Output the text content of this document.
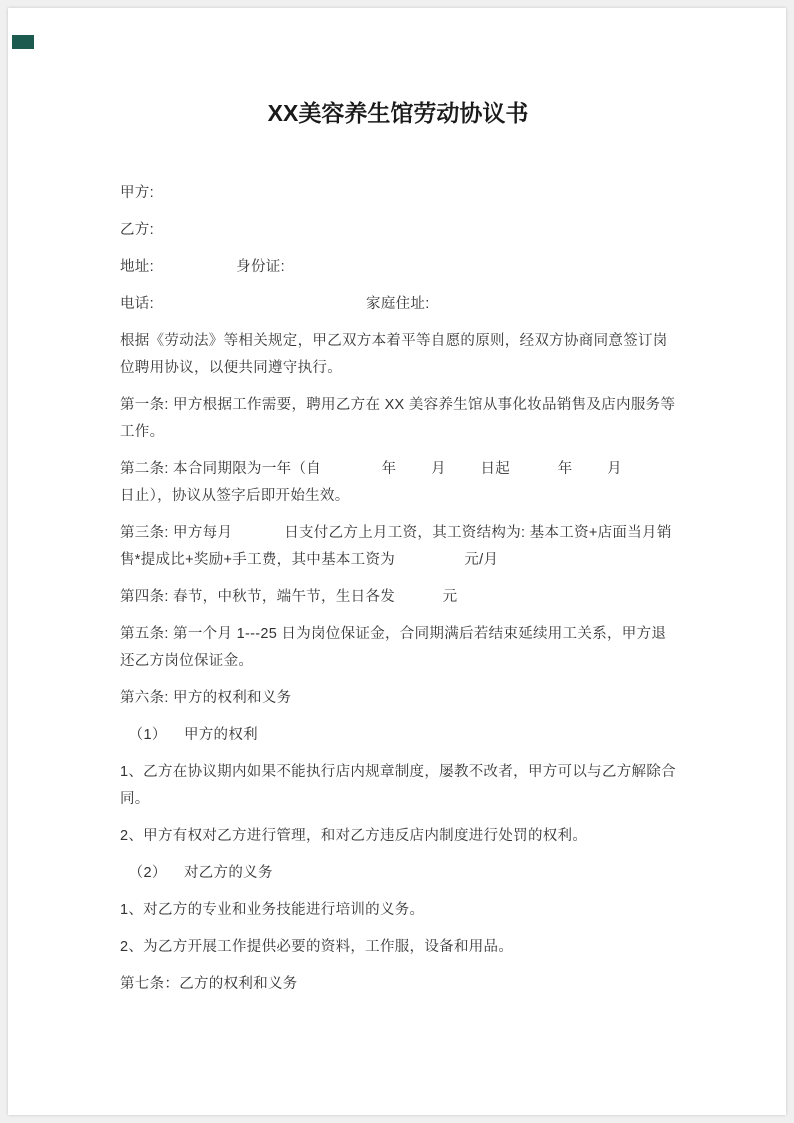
XX美容养生馆劳动协议书

甲方:

乙方:

地址:                   身份证:

电话:                                                 家庭住址:

根据《劳动法》等相关规定，甲乙双方本着平等自愿的原则，经双方协商同意签订岗位聘用协议，以便共同遵守执行。

第一条: 甲方根据工作需要，聘用乙方在 XX 美容养生馆从事化妆品销售及店内服务等工作。

第二条: 本合同期限为一年（自              年        月        日起           年        月           日止），协议从签字后即开始生效。

第三条: 甲方每月            日支付乙方上月工资，其工资结构为: 基本工资+店面当月销售*提成比+奖励+手工费，其中基本工资为                元/月

第四条: 春节，中秋节，端午节，生日各发           元

第五条: 第一个月 1---25 日为岗位保证金，合同期满后若结束延续用工关系，甲方退还乙方岗位保证金。

第六条: 甲方的权利和义务

（1）    甲方的权利

1、乙方在协议期内如果不能执行店内规章制度，屡教不改者，甲方可以与乙方解除合同。

2、甲方有权对乙方进行管理，和对乙方违反店内制度进行处罚的权利。

（2）    对乙方的义务

1、对乙方的专业和业务技能进行培训的义务。

2、为乙方开展工作提供必要的资料，工作服，设备和用品。

第七条：乙方的权利和义务
